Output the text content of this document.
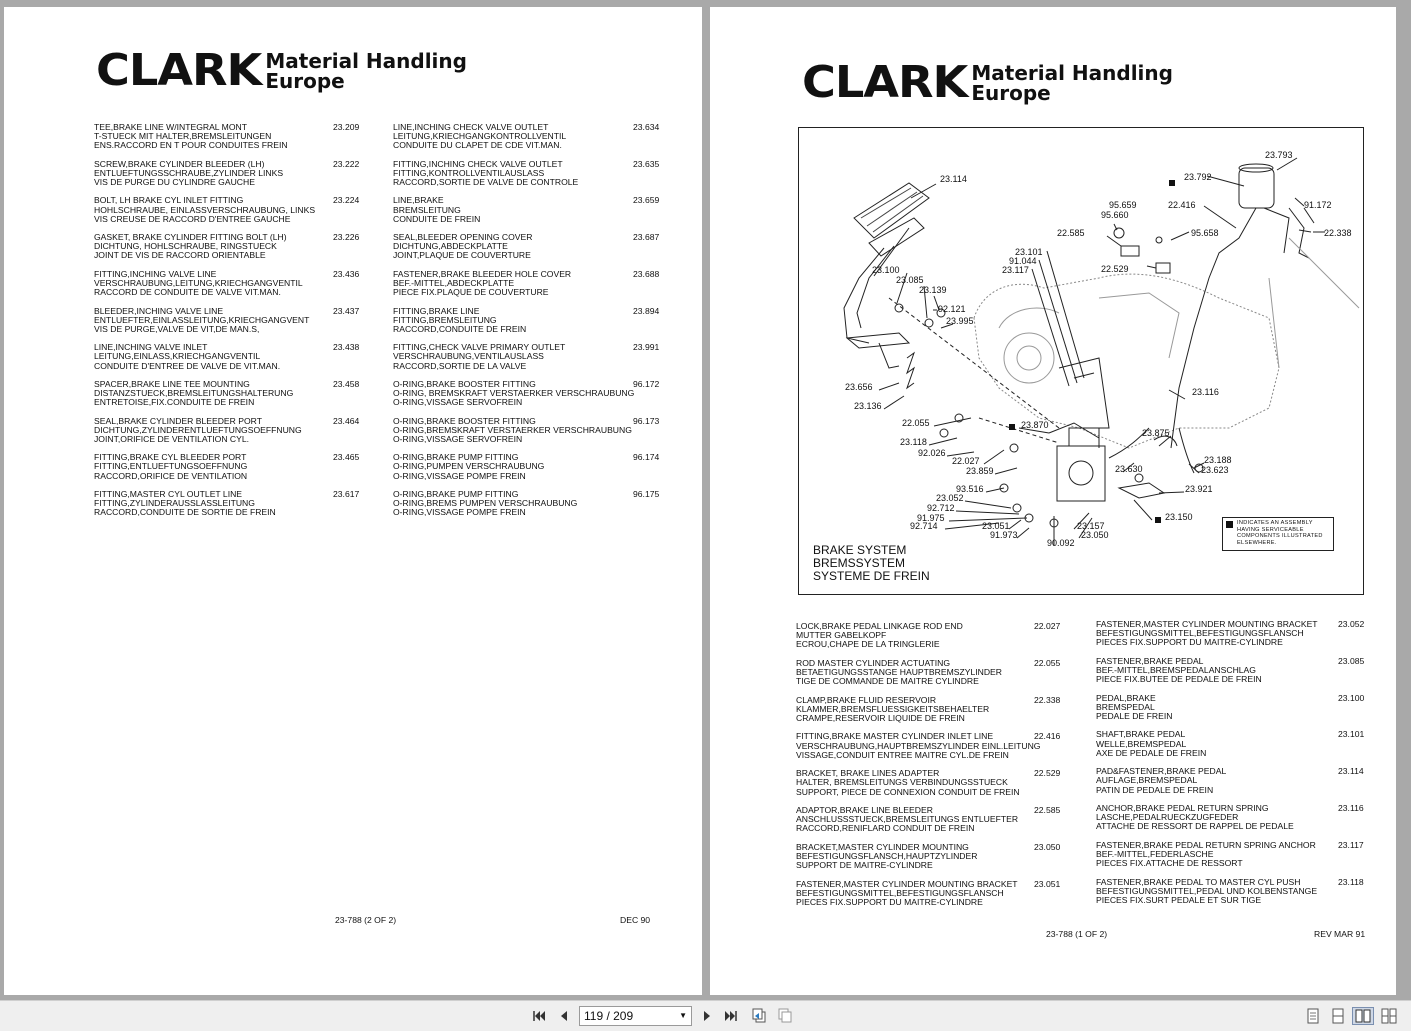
CLARK Material Handling
Europe
TEE,BRAKE LINE W/INTEGRAL MONT
T-STUECK MIT HALTER,BREMSLEITUNGEN
ENS.RACCORD EN T POUR CONDUITES FREIN
23.209
SCREW,BRAKE CYLINDER BLEEDER (LH)
ENTLUEFTUNGSSCHRAUBE,ZYLINDER LINKS
VIS DE PURGE DU CYLINDRE GAUCHE
23.222
BOLT, LH BRAKE CYL INLET FITTING
HOHLSCHRAUBE, EINLASSVERSCHRAUBUNG, LINKS
VIS CREUSE DE RACCORD D'ENTREE GAUCHE
23.224
GASKET, BRAKE CYLINDER FITTING BOLT (LH)
DICHTUNG, HOHLSCHRAUBE, RINGSTUECK
JOINT DE VIS DE RACCORD ORIENTABLE
23.226
FITTING,INCHING VALVE LINE
VERSCHRAUBUNG,LEITUNG,KRIECHGANGVENTIL
RACCORD DE CONDUITE DE VALVE VIT.MAN.
23.436
BLEEDER,INCHING VALVE LINE
ENTLUEFTER,EINLASSLEITUNG,KRIECHGANGVENT
VIS DE PURGE,VALVE DE VIT,DE MAN.S,
23.437
LINE,INCHING VALVE INLET
LEITUNG,EINLASS,KRIECHGANGVENTIL
CONDUITE D'ENTREE DE VALVE DE VIT.MAN.
23.438
SPACER,BRAKE LINE TEE MOUNTING
DISTANZSTUECK,BREMSLEITUNGSHALTERUNG
ENTRETOISE,FIX.CONDUITE DE FREIN
23.458
SEAL,BRAKE CYLINDER BLEEDER PORT
DICHTUNG,ZYLINDERENTLUEFTUNGSOEFFNUNG
JOINT,ORIFICE DE VENTILATION CYL.
23.464
FITTING,BRAKE CYL BLEEDER PORT
FITTING,ENTLUEFTUNGSOEFFNUNG
RACCORD,ORIFICE DE VENTILATION
23.465
FITTING,MASTER CYL OUTLET LINE
FITTING,ZYLINDERAUSSLASSLEITUNG
RACCORD,CONDUITE DE SORTIE DE FREIN
23.617
LINE,INCHING CHECK VALVE OUTLET
LEITUNG,KRIECHGANGKONTROLLVENTIL
CONDUITE DU CLAPET DE CDE VIT.MAN.
23.634
FITTING,INCHING CHECK VALVE OUTLET
FITTING,KONTROLLVENTILAUSLASS
RACCORD,SORTIE DE VALVE DE CONTROLE
23.635
LINE,BRAKE
BREMSLEITUNG
CONDUITE DE FREIN
23.659
SEAL,BLEEDER OPENING COVER
DICHTUNG,ABDECKPLATTE
JOINT,PLAQUE DE COUVERTURE
23.687
FASTENER,BRAKE BLEEDER HOLE COVER
BEF.-MITTEL,ABDECKPLATTE
PIECE FIX.PLAQUE DE COUVERTURE
23.688
FITTING,BRAKE LINE
FITTING,BREMSLEITUNG
RACCORD,CONDUITE DE FREIN
23.894
FITTING,CHECK VALVE PRIMARY OUTLET
VERSCHRAUBUNG,VENTILAUSLASS
RACCORD,SORTIE DE LA VALVE
23.991
O-RING,BRAKE BOOSTER FITTING
O-RING, BREMSKRAFT VERSTAERKER VERSCHRAUBUNG
O-RING,VISSAGE SERVOFREIN
96.172
O-RING,BRAKE BOOSTER FITTING
O-RING,BREMSKRAFT VERSTAERKER VERSCHRAUBUNG
O-RING,VISSAGE SERVOFREIN
96.173
O-RING,BRAKE PUMP FITTING
O-RING,PUMPEN VERSCHRAUBUNG
O-RING,VISSAGE POMPE FREIN
96.174
O-RING,BRAKE PUMP FITTING
O-RING,BREMS PUMPEN VERSCHRAUBUNG
O-RING,VISSAGE POMPE FREIN
96.175
23-788 (2 OF 2)	DEC 90
CLARK Material Handling
Europe
23.793
23.792
23.114
91.172
22.416
22.338
95.659
95.660
95.658
22.585
22.529
23.101
91.044
23.117
23.100
23.085
23.139
92.121
23.995
23.656
23.136
23.116
22.055	23.870
23.118
92.026
22.027
23.859
23.875
23.630
23.188
23.623
93.516	23.921
23.052
92.712
91.975
92.714	23.051
91.973
90.092
23.157
23.050
23.150
BRAKE SYSTEM
BREMSSYSTEM
SYSTEME DE FREIN
INDICATES AN ASSEMBLY
HAVING SERVICEABLE
COMPONENTS ILLUSTRATED
ELSEWHERE.
LOCK,BRAKE PEDAL LINKAGE ROD END
MUTTER GABELKOPF
ECROU,CHAPE DE LA TRINGLERIE
22.027
ROD MASTER CYLINDER ACTUATING
BETAETIGUNGSSTANGE HAUPTBREMSZYLINDER
TIGE DE COMMANDE DE MAITRE CYLINDRE
22.055
CLAMP,BRAKE FLUID RESERVOIR
KLAMMER,BREMSFLUESSIGKEITSBEHAELTER
CRAMPE,RESERVOIR LIQUIDE DE FREIN
22.338
FITTING,BRAKE MASTER CYLINDER INLET LINE
VERSCHRAUBUNG,HAUPTBREMSZYLINDER EINL.LEITUNG
VISSAGE,CONDUIT ENTREE MAITRE CYL.DE FREIN
22.416
BRACKET, BRAKE LINES ADAPTER
HALTER, BREMSLEITUNGS VERBINDUNGSSTUECK
SUPPORT, PIECE DE CONNEXION CONDUIT DE FREIN
22.529
ADAPTOR,BRAKE LINE BLEEDER
ANSCHLUSSSTUECK,BREMSLEITUNGS ENTLUEFTER
RACCORD,RENIFLARD CONDUIT DE FREIN
22.585
BRACKET,MASTER CYLINDER MOUNTING
BEFESTIGUNGSFLANSCH,HAUPTZYLINDER
SUPPORT DE MAITRE-CYLINDRE
23.050
FASTENER,MASTER CYLINDER MOUNTING BRACKET
BEFESTIGUNGSMITTEL,BEFESTIGUNGSFLANSCH
PIECES FIX.SUPPORT DU MAITRE-CYLINDRE
23.051
FASTENER,MASTER CYLINDER MOUNTING BRACKET
BEFESTIGUNGSMITTEL,BEFESTIGUNGSFLANSCH
PIECES FIX.SUPPORT DU MAITRE-CYLINDRE
23.052
FASTENER,BRAKE PEDAL
BEF.-MITTEL,BREMSPEDALANSCHLAG
PIECE FIX.BUTEE DE PEDALE DE FREIN
23.085
PEDAL,BRAKE
BREMSPEDAL
PEDALE DE FREIN
23.100
SHAFT,BRAKE PEDAL
WELLE,BREMSPEDAL
AXE DE PEDALE DE FREIN
23.101
PAD&FASTENER,BRAKE PEDAL
AUFLAGE,BREMSPEDAL
PATIN DE PEDALE DE FREIN
23.114
ANCHOR,BRAKE PEDAL RETURN SPRING
LASCHE,PEDALRUECKZUGFEDER
ATTACHE DE RESSORT DE RAPPEL DE PEDALE
23.116
FASTENER,BRAKE PEDAL RETURN SPRING ANCHOR
BEF.-MITTEL,FEDERLASCHE
PIECES FIX.ATTACHE DE RESSORT
23.117
FASTENER,BRAKE PEDAL TO MASTER CYL PUSH
BEFESTIGUNGSMITTEL,PEDAL UND KOLBENSTANGE
PIECES FIX.SURT PEDALE ET SUR TIGE
23.118
23-788 (1 OF 2)	REV MAR 91
119 / 209	▼
